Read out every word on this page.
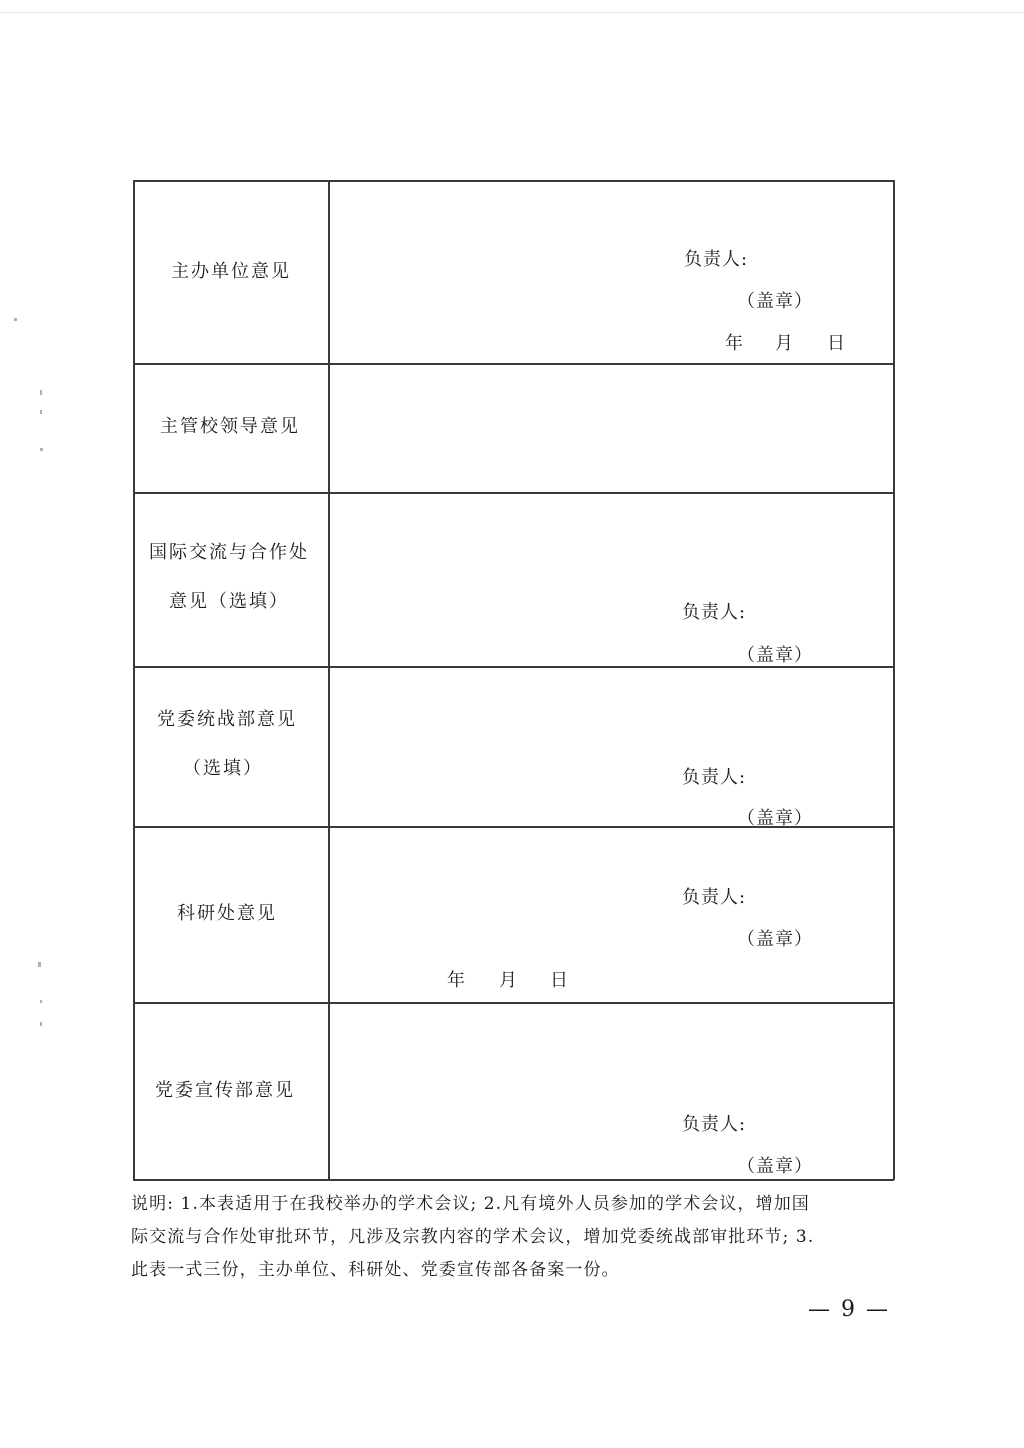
主办单位意见
负责人:
（盖章）
年 月 日
主管校领导意见
国际交流与合作处
意见（选填）
负责人:
（盖章）
党委统战部意见
（选填）	负责人:
（盖章）
科研处意见
负责人:
（盖章）
年 月 日
党委宣传部意见
负责人:
（盖章）
说明: 1.本表适用于在我校举办的学术会议; 2.凡有境外人员参加的学术会议，增加国
际交流与合作处审批环节，凡涉及宗教内容的学术会议，增加党委统战部审批环节; 3.
此表一式三份，主办单位、科研处、党委宣传部各备案一份。
— 9 —
